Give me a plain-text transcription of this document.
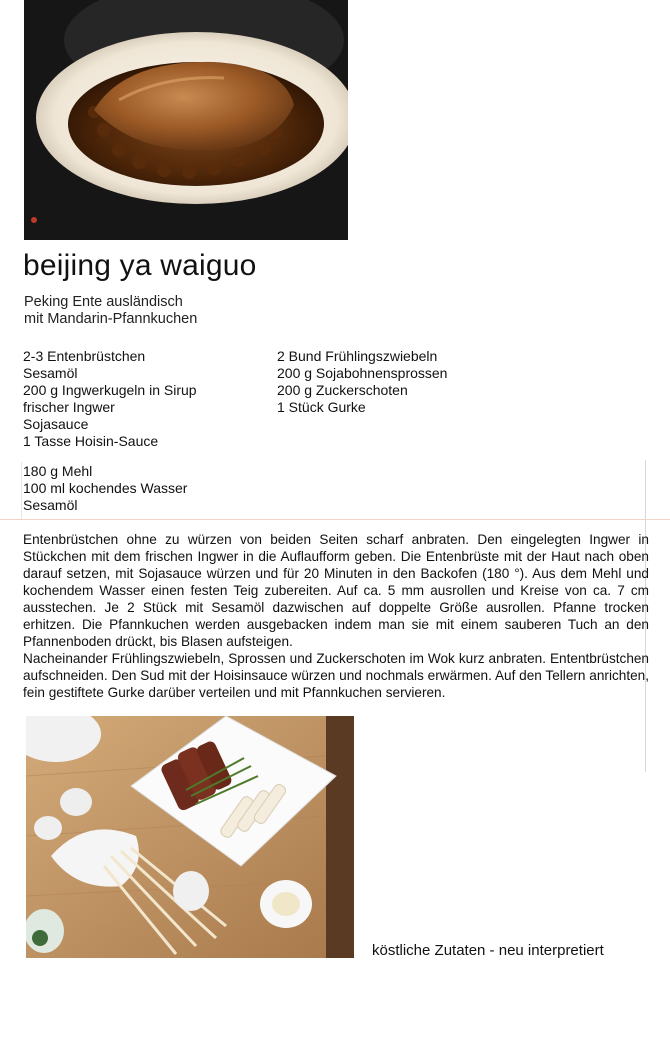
beijing ya waiguo
Peking Ente ausländisch
mit Mandarin-Pfannkuchen
2-3 Entenbrüstchen
Sesamöl
200 g Ingwerkugeln in Sirup
frischer Ingwer
Sojasauce
1 Tasse Hoisin-Sauce
2 Bund Frühlingszwiebeln
200 g Sojabohnensprossen
200 g Zuckerschoten
1 Stück Gurke
180 g Mehl
100 ml kochendes Wasser
Sesamöl

Entenbrüstchen ohne zu würzen von beiden Seiten scharf anbraten. Den eingelegten Ingwer in Stückchen mit dem frischen Ingwer in die Auflaufform geben. Die Entenbrüste mit der Haut nach oben darauf setzen, mit Sojasauce würzen und für 20 Minuten in den Backofen (180 °). Aus dem Mehl und kochendem Wasser einen festen Teig zubereiten. Auf ca. 5 mm ausrollen und Kreise von ca. 7 cm ausstechen. Je 2 Stück mit Sesamöl dazwischen auf doppelte Größe ausrollen. Pfanne trocken erhitzen. Die Pfannkuchen werden ausgebacken indem man sie mit einem sauberen Tuch an den Pfannenboden drückt, bis Blasen aufsteigen.

Nacheinander Frühlingszwiebeln, Sprossen und Zuckerschoten im Wok kurz anbraten. Ententbrüstchen aufschneiden. Den Sud mit der Hoisinsauce würzen und nochmals erwärmen. Auf den Tellern anrichten, fein gestiftete Gurke darüber verteilen und mit Pfannkuchen servieren.

köstliche Zutaten - neu interpretiert
